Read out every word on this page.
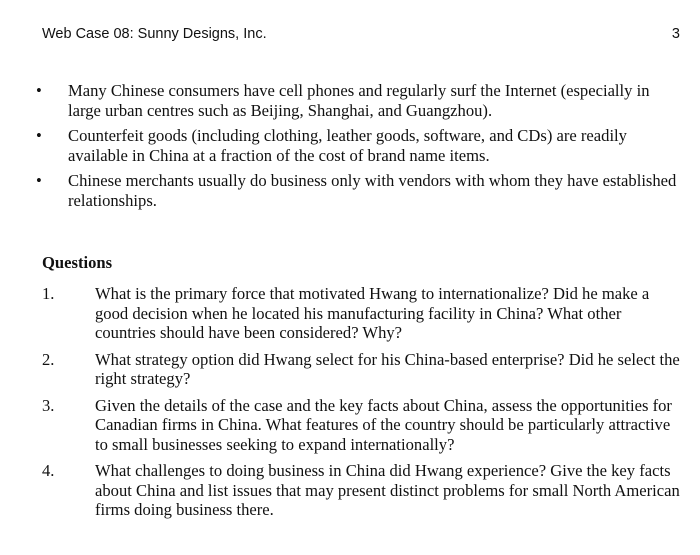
Web Case 08: Sunny Designs, Inc.	3
• Many Chinese consumers have cell phones and regularly surf the Internet (especially in large urban centres such as Beijing, Shanghai, and Guangzhou).
• Counterfeit goods (including clothing, leather goods, software, and CDs) are readily available in China at a fraction of the cost of brand name items.
• Chinese merchants usually do business only with vendors with whom they have established relationships.
Questions
1. What is the primary force that motivated Hwang to internationalize? Did he make a good decision when he located his manufacturing facility in China? What other countries should have been considered? Why?
2. What strategy option did Hwang select for his China-based enterprise? Did he select the right strategy?
3. Given the details of the case and the key facts about China, assess the opportunities for Canadian firms in China. What features of the country should be particularly attractive to small businesses seeking to expand internationally?
4. What challenges to doing business in China did Hwang experience? Give the key facts about China and list issues that may present distinct problems for small North American firms doing business there.
